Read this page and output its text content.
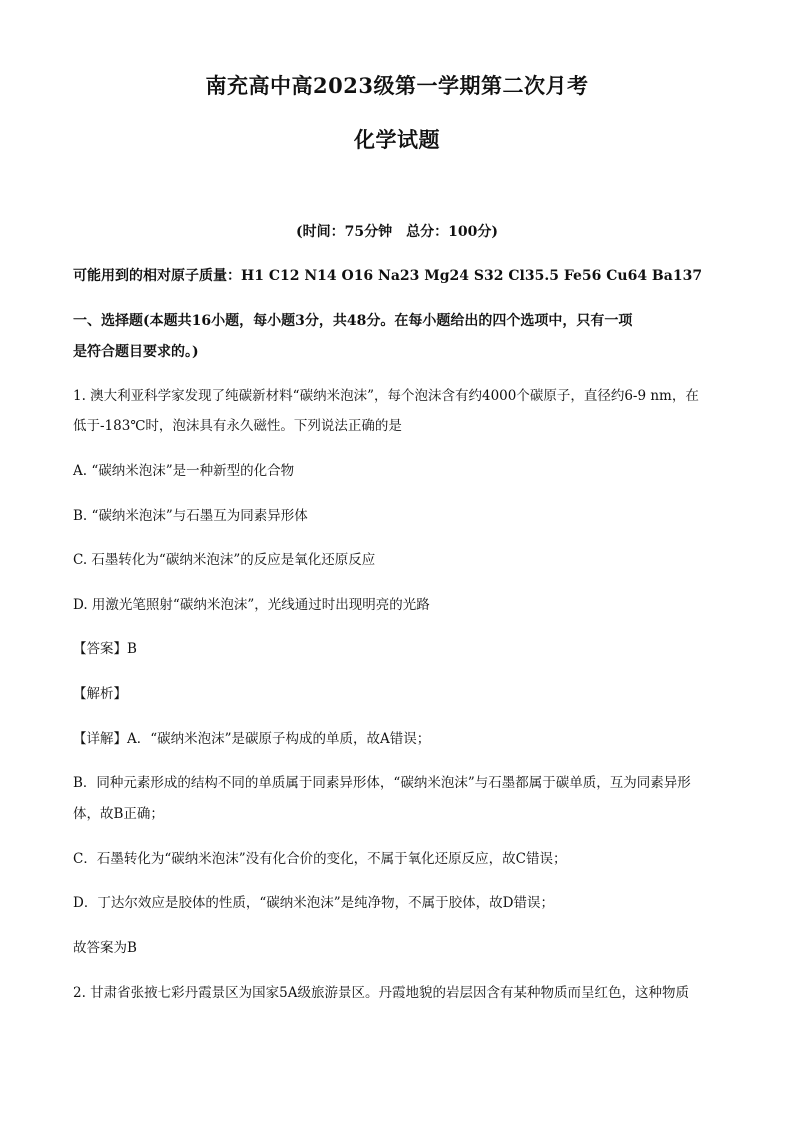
南充高中高2023级第一学期第二次月考
化学试题
(时间：75分钟　总分：100分)
可能用到的相对原子质量：H1 C12 N14 O16 Na23 Mg24 S32 Cl35.5 Fe56 Cu64 Ba137
一、选择题(本题共16小题，每小题3分，共48分。在每小题给出的四个选项中，只有一项
是符合题目要求的。)
1. 澳大利亚科学家发现了纯碳新材料“碳纳米泡沫”，每个泡沫含有约4000个碳原子，直径约6-9 nm，在
低于-183℃时，泡沫具有永久磁性。下列说法正确的是
A. “碳纳米泡沫”是一种新型的化合物
B. “碳纳米泡沫”与石墨互为同素异形体
C. 石墨转化为“碳纳米泡沫”的反应是氧化还原反应
D. 用激光笔照射“碳纳米泡沫”，光线通过时出现明亮的光路
【答案】B
【解析】
【详解】A．“碳纳米泡沫”是碳原子构成的单质，故A错误；
B．同种元素形成的结构不同的单质属于同素异形体，“碳纳米泡沫”与石墨都属于碳单质，互为同素异形
体，故B正确；
C．石墨转化为“碳纳米泡沫”没有化合价的变化，不属于氧化还原反应，故C错误；
D．丁达尔效应是胶体的性质，“碳纳米泡沫”是纯净物，不属于胶体，故D错误；
故答案为B
2. 甘肃省张掖七彩丹霞景区为国家5A级旅游景区。丹霞地貌的岩层因含有某种物质而呈红色，这种物质
